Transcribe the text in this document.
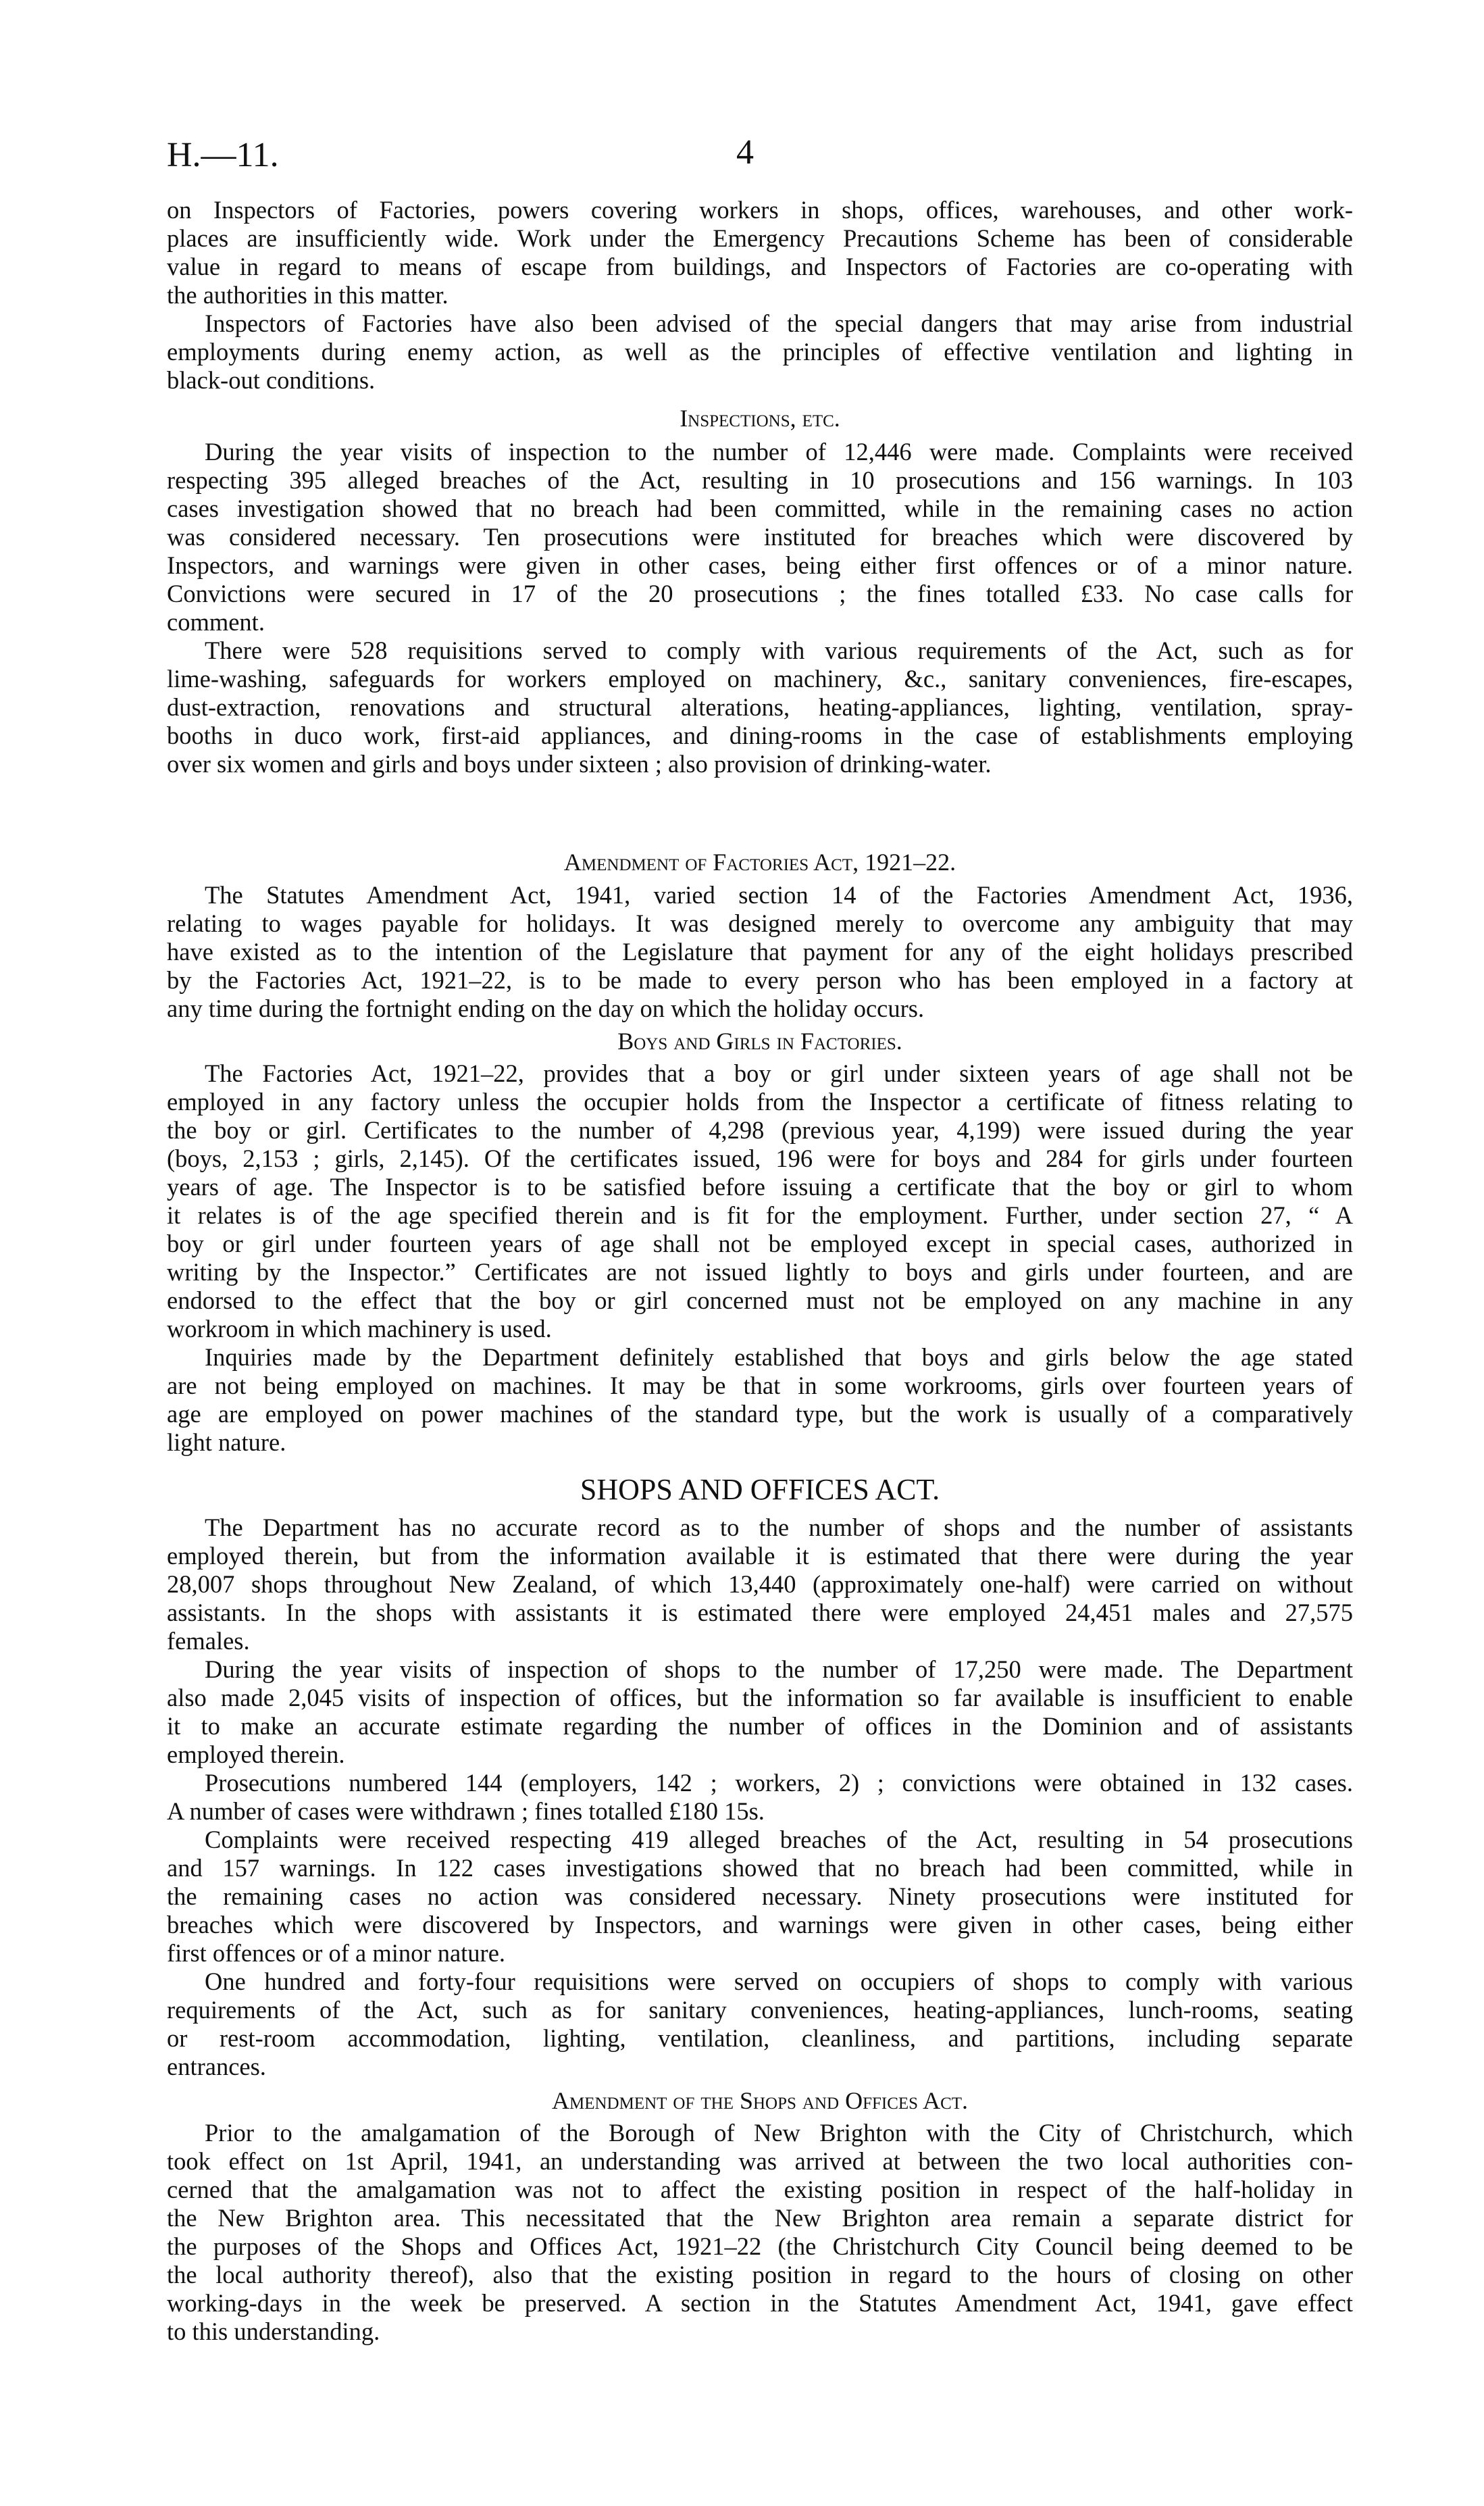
H.—11.	4
on Inspectors of Factories, powers covering workers in shops, offices, warehouses, and other work-
places are insufficiently wide. Work under the Emergency Precautions Scheme has been of considerable
value in regard to means of escape from buildings, and Inspectors of Factories are co-operating with
the authorities in this matter.
Inspectors of Factories have also been advised of the special dangers that may arise from industrial
employments during enemy action, as well as the principles of effective ventilation and lighting in
black-out conditions.
Inspections, etc.
During the year visits of inspection to the number of 12,446 were made. Complaints were received
respecting 395 alleged breaches of the Act, resulting in 10 prosecutions and 156 warnings. In 103
cases investigation showed that no breach had been committed, while in the remaining cases no action
was considered necessary. Ten prosecutions were instituted for breaches which were discovered by
Inspectors, and warnings were given in other cases, being either first offences or of a minor nature.
Convictions were secured in 17 of the 20 prosecutions ; the fines totalled £33. No case calls for
comment.
There were 528 requisitions served to comply with various requirements of the Act, such as for
lime-washing, safeguards for workers employed on machinery, &c., sanitary conveniences, fire-escapes,
dust-extraction, renovations and structural alterations, heating-appliances, lighting, ventilation, spray-
booths in duco work, first-aid appliances, and dining-rooms in the case of establishments employing
over six women and girls and boys under sixteen ; also provision of drinking-water.
Amendment of Factories Act, 1921–22.
The Statutes Amendment Act, 1941, varied section 14 of the Factories Amendment Act, 1936,
relating to wages payable for holidays. It was designed merely to overcome any ambiguity that may
have existed as to the intention of the Legislature that payment for any of the eight holidays prescribed
by the Factories Act, 1921–22, is to be made to every person who has been employed in a factory at
any time during the fortnight ending on the day on which the holiday occurs.
Boys and Girls in Factories.
The Factories Act, 1921–22, provides that a boy or girl under sixteen years of age shall not be
employed in any factory unless the occupier holds from the Inspector a certificate of fitness relating to
the boy or girl. Certificates to the number of 4,298 (previous year, 4,199) were issued during the year
(boys, 2,153 ; girls, 2,145). Of the certificates issued, 196 were for boys and 284 for girls under fourteen
years of age. The Inspector is to be satisfied before issuing a certificate that the boy or girl to whom
it relates is of the age specified therein and is fit for the employment. Further, under section 27, “ A
boy or girl under fourteen years of age shall not be employed except in special cases, authorized in
writing by the Inspector.” Certificates are not issued lightly to boys and girls under fourteen, and are
endorsed to the effect that the boy or girl concerned must not be employed on any machine in any
workroom in which machinery is used.
Inquiries made by the Department definitely established that boys and girls below the age stated
are not being employed on machines. It may be that in some workrooms, girls over fourteen years of
age are employed on power machines of the standard type, but the work is usually of a comparatively
light nature.
SHOPS AND OFFICES ACT.
The Department has no accurate record as to the number of shops and the number of assistants
employed therein, but from the information available it is estimated that there were during the year
28,007 shops throughout New Zealand, of which 13,440 (approximately one-half) were carried on without
assistants. In the shops with assistants it is estimated there were employed 24,451 males and 27,575
females.
During the year visits of inspection of shops to the number of 17,250 were made. The Department
also made 2,045 visits of inspection of offices, but the information so far available is insufficient to enable
it to make an accurate estimate regarding the number of offices in the Dominion and of assistants
employed therein.
Prosecutions numbered 144 (employers, 142 ; workers, 2) ; convictions were obtained in 132 cases.
A number of cases were withdrawn ; fines totalled £180 15s.
Complaints were received respecting 419 alleged breaches of the Act, resulting in 54 prosecutions
and 157 warnings. In 122 cases investigations showed that no breach had been committed, while in
the remaining cases no action was considered necessary. Ninety prosecutions were instituted for
breaches which were discovered by Inspectors, and warnings were given in other cases, being either
first offences or of a minor nature.
One hundred and forty-four requisitions were served on occupiers of shops to comply with various
requirements of the Act, such as for sanitary conveniences, heating-appliances, lunch-rooms, seating
or rest-room accommodation, lighting, ventilation, cleanliness, and partitions, including separate
entrances.
Amendment of the Shops and Offices Act.
Prior to the amalgamation of the Borough of New Brighton with the City of Christchurch, which
took effect on 1st April, 1941, an understanding was arrived at between the two local authorities con-
cerned that the amalgamation was not to affect the existing position in respect of the half-holiday in
the New Brighton area. This necessitated that the New Brighton area remain a separate district for
the purposes of the Shops and Offices Act, 1921–22 (the Christchurch City Council being deemed to be
the local authority thereof), also that the existing position in regard to the hours of closing on other
working-days in the week be preserved. A section in the Statutes Amendment Act, 1941, gave effect
to this understanding.
